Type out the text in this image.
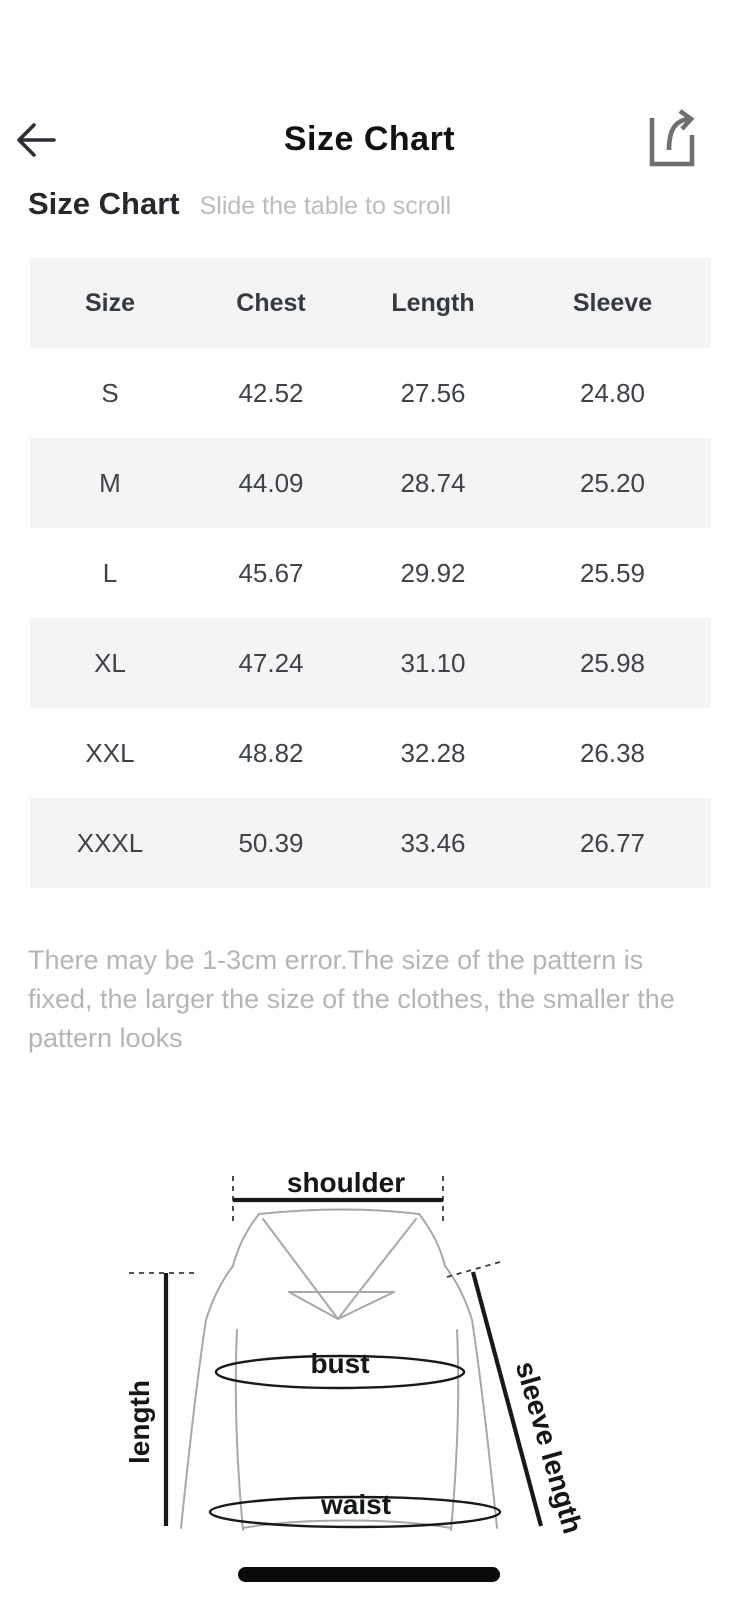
Size Chart
Size Chart Slide the table to scroll
Size	Chest	Length	Sleeve
S	42.52	27.56	24.80
M	44.09	28.74	25.20
L	45.67	29.92	25.59
XL	47.24	31.10	25.98
XXL	48.82	32.28	26.38
XXXL	50.39	33.46	26.77

There may be 1-3cm error.The size of the pattern is fixed, the larger the size of the clothes, the smaller the pattern looks

shoulder
bust
waist
length	sleeve length
